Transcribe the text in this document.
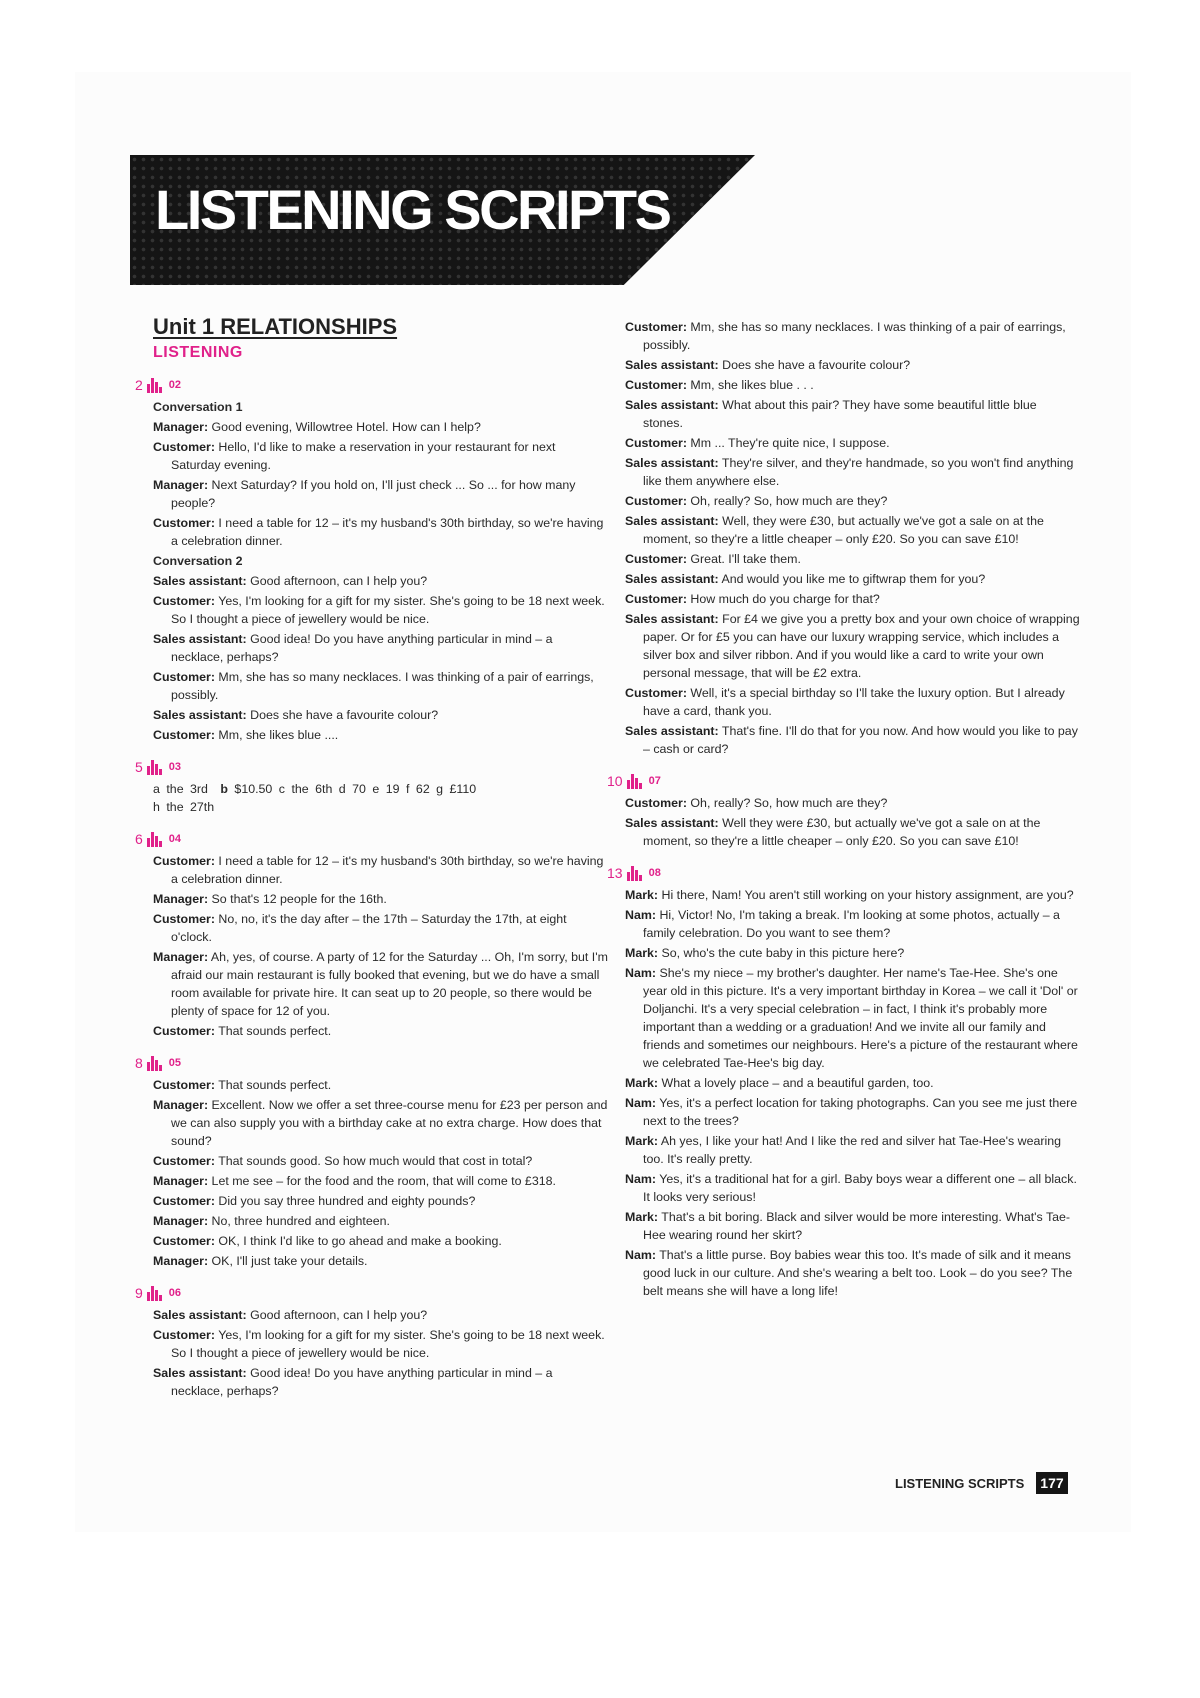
LISTENING SCRIPTS
Unit 1 RELATIONSHIPS
LISTENING
2 02
Conversation 1
Manager: Good evening, Willowtree Hotel. How can I help?
Customer: Hello, I'd like to make a reservation in your restaurant for next Saturday evening.
Manager: Next Saturday? If you hold on, I'll just check ... So ... for how many people?
Customer: I need a table for 12 – it's my husband's 30th birthday, so we're having a celebration dinner.
Conversation 2
Sales assistant: Good afternoon, can I help you?
Customer: Yes, I'm looking for a gift for my sister. She's going to be 18 next week. So I thought a piece of jewellery would be nice.
Sales assistant: Good idea! Do you have anything particular in mind – a necklace, perhaps?
Customer: Mm, she has so many necklaces. I was thinking of a pair of earrings, possibly.
Sales assistant: Does she have a favourite colour?
Customer: Mm, she likes blue ....
5 03
a the 3rd b $10.50 c the 6th d 70 e 19 f 62 g £110
h the 27th
6 04
Customer: I need a table for 12 – it's my husband's 30th birthday, so we're having a celebration dinner.
Manager: So that's 12 people for the 16th.
Customer: No, no, it's the day after – the 17th – Saturday the 17th, at eight o'clock.
Manager: Ah, yes, of course. A party of 12 for the Saturday ... Oh, I'm sorry, but I'm afraid our main restaurant is fully booked that evening, but we do have a small room available for private hire. It can seat up to 20 people, so there would be plenty of space for 12 of you.
Customer: That sounds perfect.
8 05
Customer: That sounds perfect.
Manager: Excellent. Now we offer a set three-course menu for £23 per person and we can also supply you with a birthday cake at no extra charge. How does that sound?
Customer: That sounds good. So how much would that cost in total?
Manager: Let me see – for the food and the room, that will come to £318.
Customer: Did you say three hundred and eighty pounds?
Manager: No, three hundred and eighteen.
Customer: OK, I think I'd like to go ahead and make a booking.
Manager: OK, I'll just take your details.
9 06
Sales assistant: Good afternoon, can I help you?
Customer: Yes, I'm looking for a gift for my sister. She's going to be 18 next week. So I thought a piece of jewellery would be nice.
Sales assistant: Good idea! Do you have anything particular in mind – a necklace, perhaps?
Customer: Mm, she has so many necklaces. I was thinking of a pair of earrings, possibly.
Sales assistant: Does she have a favourite colour?
Customer: Mm, she likes blue . . .
Sales assistant: What about this pair? They have some beautiful little blue stones.
Customer: Mm ... They're quite nice, I suppose.
Sales assistant: They're silver, and they're handmade, so you won't find anything like them anywhere else.
Customer: Oh, really? So, how much are they?
Sales assistant: Well, they were £30, but actually we've got a sale on at the moment, so they're a little cheaper – only £20. So you can save £10!
Customer: Great. I'll take them.
Sales assistant: And would you like me to giftwrap them for you?
Customer: How much do you charge for that?
Sales assistant: For £4 we give you a pretty box and your own choice of wrapping paper. Or for £5 you can have our luxury wrapping service, which includes a silver box and silver ribbon. And if you would like a card to write your own personal message, that will be £2 extra.
Customer: Well, it's a special birthday so I'll take the luxury option. But I already have a card, thank you.
Sales assistant: That's fine. I'll do that for you now. And how would you like to pay – cash or card?
10 07
Customer: Oh, really? So, how much are they?
Sales assistant: Well they were £30, but actually we've got a sale on at the moment, so they're a little cheaper – only £20. So you can save £10!
13 08
Mark: Hi there, Nam! You aren't still working on your history assignment, are you?
Nam: Hi, Victor! No, I'm taking a break. I'm looking at some photos, actually – a family celebration. Do you want to see them?
Mark: So, who's the cute baby in this picture here?
Nam: She's my niece – my brother's daughter. Her name's Tae-Hee. She's one year old in this picture. It's a very important birthday in Korea – we call it 'Dol' or Doljanchi. It's a very special celebration – in fact, I think it's probably more important than a wedding or a graduation! And we invite all our family and friends and sometimes our neighbours. Here's a picture of the restaurant where we celebrated Tae-Hee's big day.
Mark: What a lovely place – and a beautiful garden, too.
Nam: Yes, it's a perfect location for taking photographs. Can you see me just there next to the trees?
Mark: Ah yes, I like your hat! And I like the red and silver hat Tae-Hee's wearing too. It's really pretty.
Nam: Yes, it's a traditional hat for a girl. Baby boys wear a different one – all black. It looks very serious!
Mark: That's a bit boring. Black and silver would be more interesting. What's Tae-Hee wearing round her skirt?
Nam: That's a little purse. Boy babies wear this too. It's made of silk and it means good luck in our culture. And she's wearing a belt too. Look – do you see? The belt means she will have a long life!
LISTENING SCRIPTS 177
